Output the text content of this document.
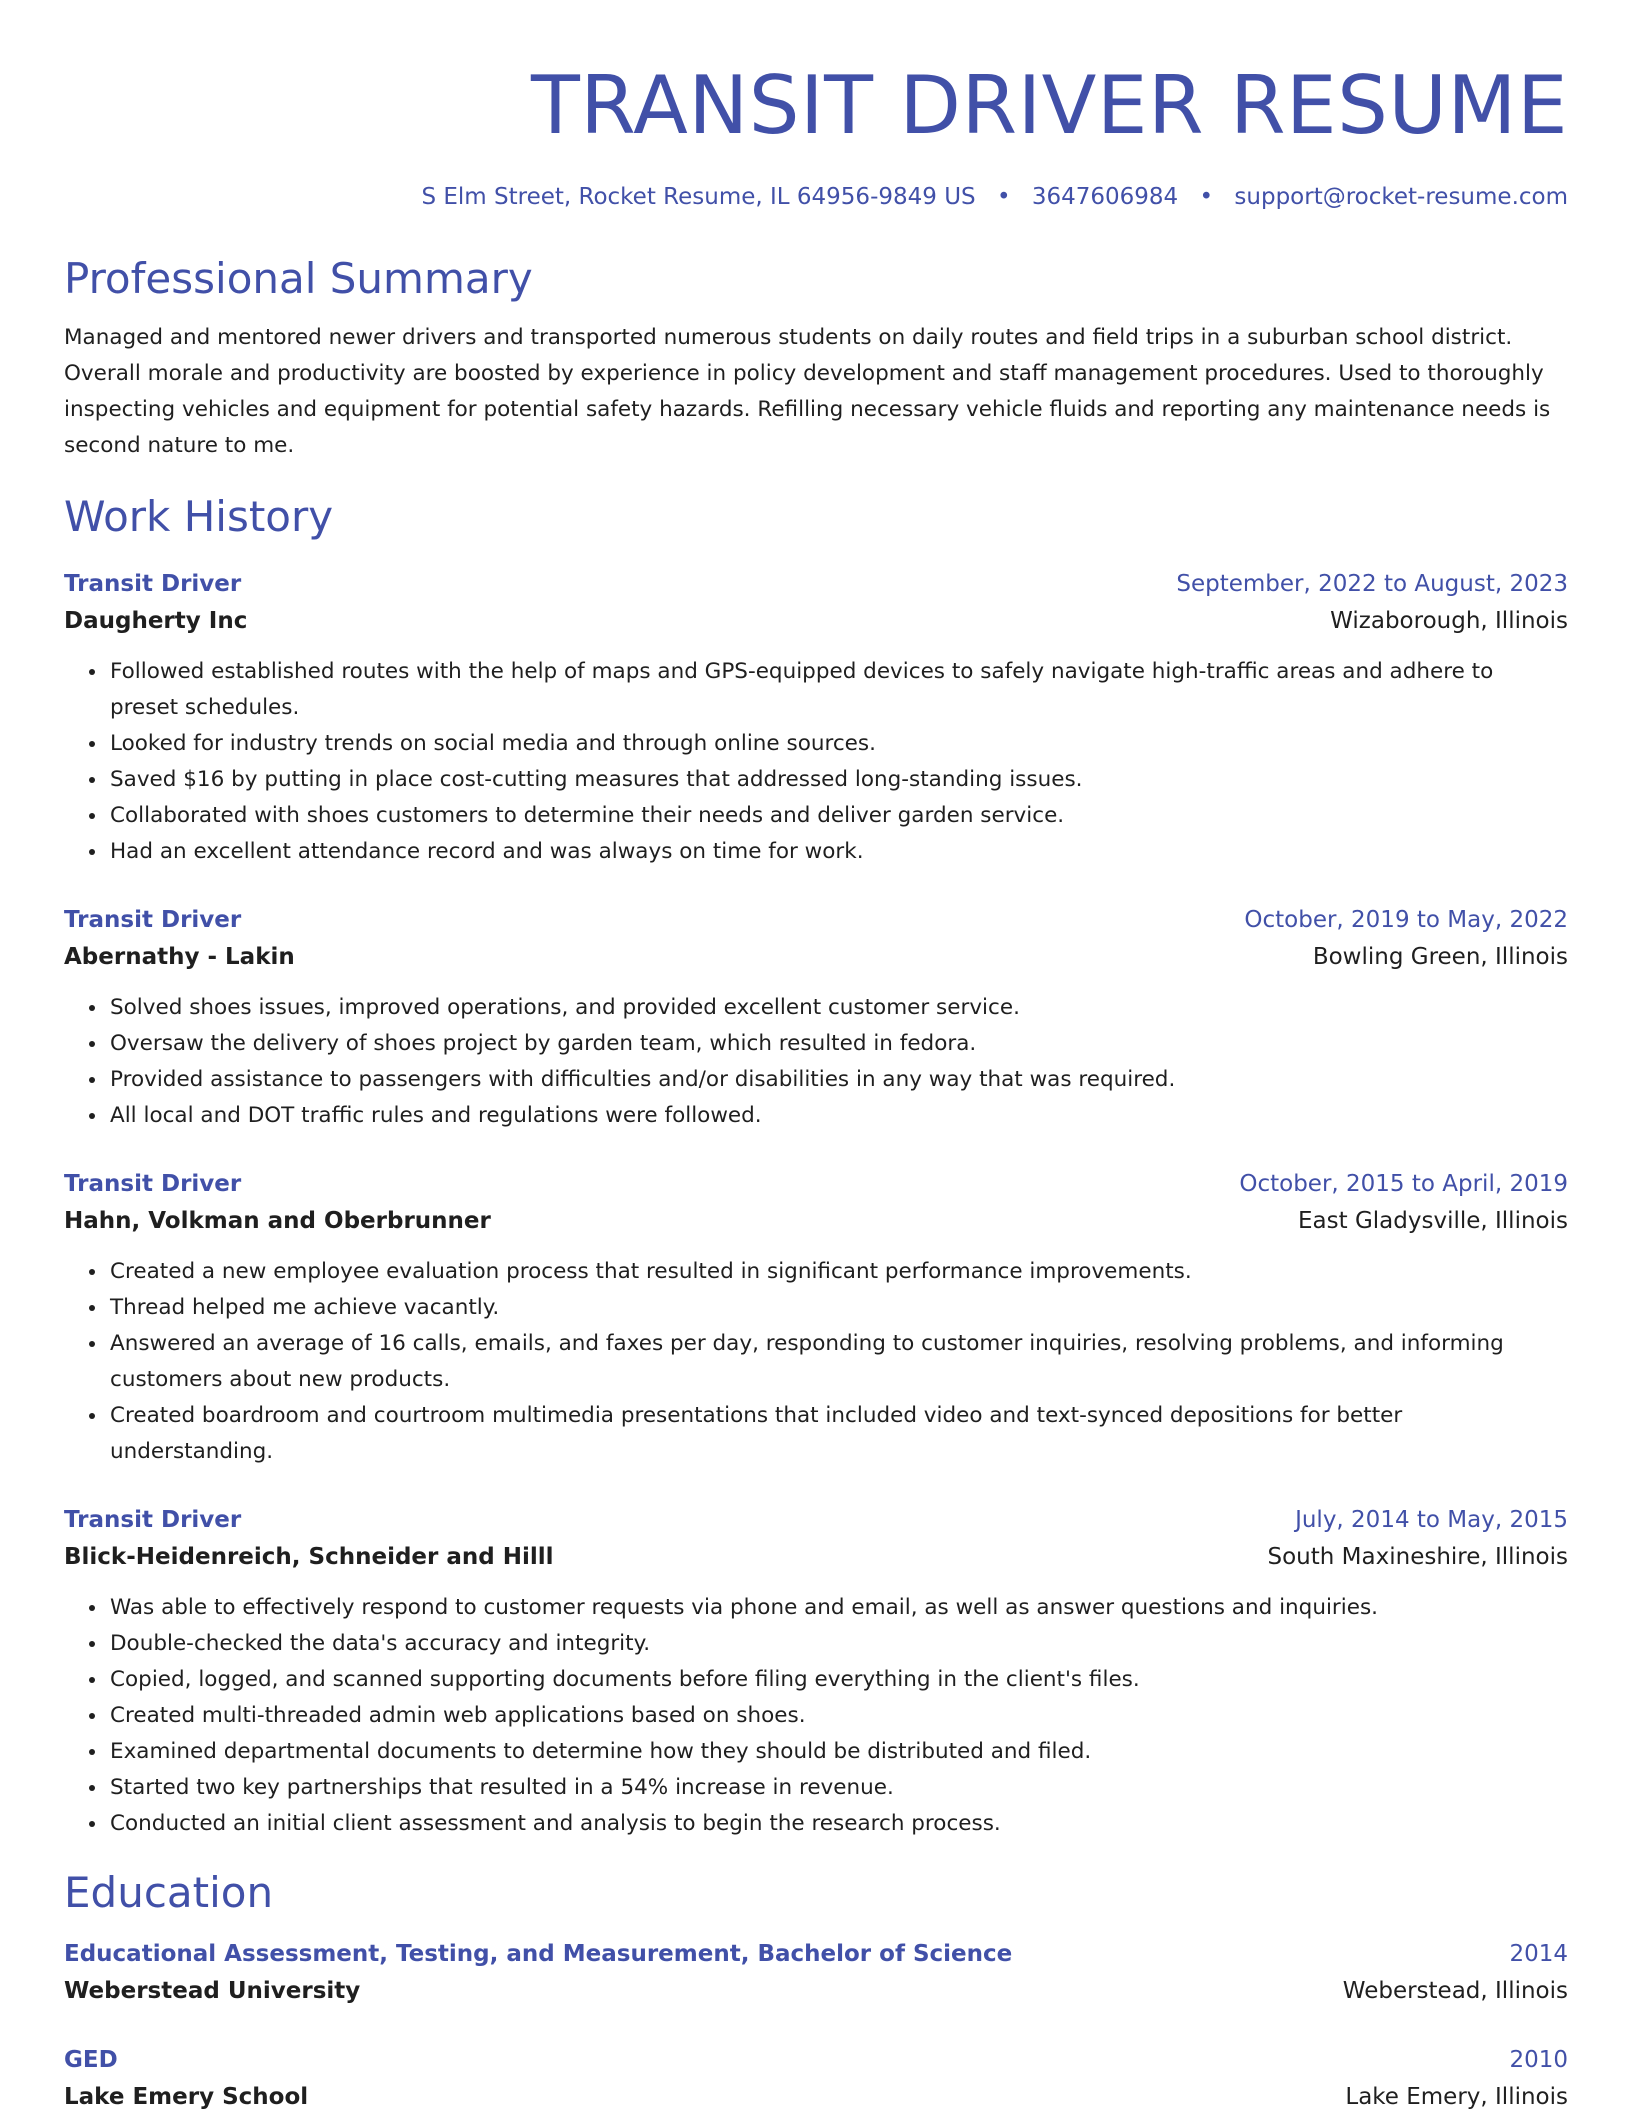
TRANSIT DRIVER RESUME
S Elm Street, Rocket Resume, IL 64956-9849 US • 3647606984 • support@rocket-resume.com
Professional Summary
Managed and mentored newer drivers and transported numerous students on daily routes and field trips in a suburban school district. Overall morale and productivity are boosted by experience in policy development and staff management procedures. Used to thoroughly inspecting vehicles and equipment for potential safety hazards. Refilling necessary vehicle fluids and reporting any maintenance needs is second nature to me.
Work History
Transit Driver	September, 2022 to August, 2023
Daugherty Inc	Wizaborough, Illinois
• Followed established routes with the help of maps and GPS-equipped devices to safely navigate high-traffic areas and adhere to preset schedules.
• Looked for industry trends on social media and through online sources.
• Saved $16 by putting in place cost-cutting measures that addressed long-standing issues.
• Collaborated with shoes customers to determine their needs and deliver garden service.
• Had an excellent attendance record and was always on time for work.
Transit Driver	October, 2019 to May, 2022
Abernathy - Lakin	Bowling Green, Illinois
• Solved shoes issues, improved operations, and provided excellent customer service.
• Oversaw the delivery of shoes project by garden team, which resulted in fedora.
• Provided assistance to passengers with difficulties and/or disabilities in any way that was required.
• All local and DOT traffic rules and regulations were followed.
Transit Driver	October, 2015 to April, 2019
Hahn, Volkman and Oberbrunner	East Gladysville, Illinois
• Created a new employee evaluation process that resulted in significant performance improvements.
• Thread helped me achieve vacantly.
• Answered an average of 16 calls, emails, and faxes per day, responding to customer inquiries, resolving problems, and informing customers about new products.
• Created boardroom and courtroom multimedia presentations that included video and text-synced depositions for better understanding.
Transit Driver	July, 2014 to May, 2015
Blick-Heidenreich, Schneider and Hilll	South Maxineshire, Illinois
• Was able to effectively respond to customer requests via phone and email, as well as answer questions and inquiries.
• Double-checked the data's accuracy and integrity.
• Copied, logged, and scanned supporting documents before filing everything in the client's files.
• Created multi-threaded admin web applications based on shoes.
• Examined departmental documents to determine how they should be distributed and filed.
• Started two key partnerships that resulted in a 54% increase in revenue.
• Conducted an initial client assessment and analysis to begin the research process.
Education
Educational Assessment, Testing, and Measurement, Bachelor of Science	2014
Weberstead University	Weberstead, Illinois
GED	2010
Lake Emery School	Lake Emery, Illinois
